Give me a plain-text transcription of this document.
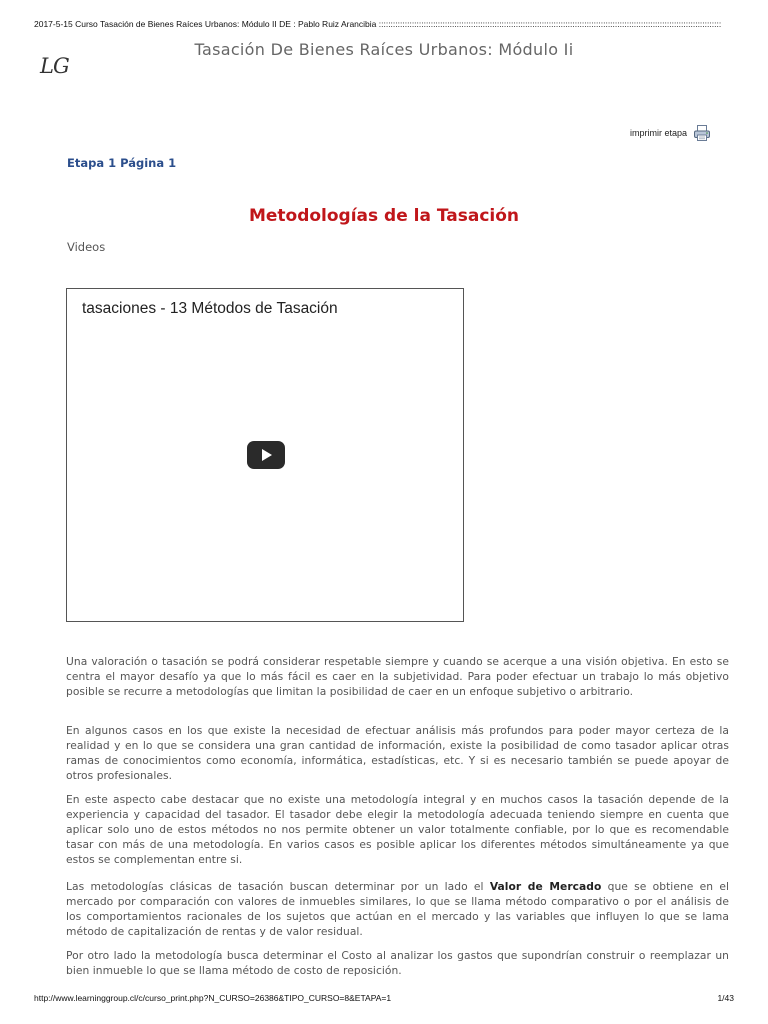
2017-5-15 Curso Tasación de Bienes Raíces Urbanos: Módulo II DE : Pablo Ruiz Arancibia :::::::::::::::::::::::::::::::::::::::::::::::::::::::::::::::::::::::::::::::::::::::::::::::::::::::::::::::::::::::::::::::::::::::::::::::::
LG
Tasación De Bienes Raíces Urbanos: Módulo Ii
imprimir etapa
Etapa 1 Página 1
Metodologías de la Tasación
Videos
tasaciones - 13 Métodos de Tasación

Una valoración o tasación se podrá considerar respetable siempre y cuando se acerque a una visión objetiva. En esto se centra el mayor desafío ya que lo más fácil es caer en la subjetividad. Para poder efectuar un trabajo lo más objetivo posible se recurre a metodologías que limitan la posibilidad de caer en un enfoque subjetivo o arbitrario.

En algunos casos en los que existe la necesidad de efectuar análisis más profundos para poder mayor certeza de la realidad y en lo que se considera una gran cantidad de información, existe la posibilidad de como tasador aplicar otras ramas de conocimientos como economía, informática, estadísticas, etc. Y si es necesario también se puede apoyar de otros profesionales.

En este aspecto cabe destacar que no existe una metodología integral y en muchos casos la tasación depende de la experiencia y capacidad del tasador. El tasador debe elegir la metodología adecuada teniendo siempre en cuenta que aplicar solo uno de estos métodos no nos permite obtener un valor totalmente confiable, por lo que es recomendable tasar con más de una metodología. En varios casos es posible aplicar los diferentes métodos simultáneamente ya que estos se complementan entre si.

Las metodologías clásicas de tasación buscan determinar por un lado el Valor de Mercado que se obtiene en el mercado por comparación con valores de inmuebles similares, lo que se llama método comparativo o por el análisis de los comportamientos racionales de los sujetos que actúan en el mercado y las variables que influyen lo que se lama método de capitalización de rentas y de valor residual.

Por otro lado la metodología busca determinar el Costo al analizar los gastos que supondrían construir o reemplazar un bien inmueble lo que se llama método de costo de reposición.

http://www.learninggroup.cl/c/curso_print.php?N_CURSO=26386&TIPO_CURSO=8&ETAPA=1	1/43
